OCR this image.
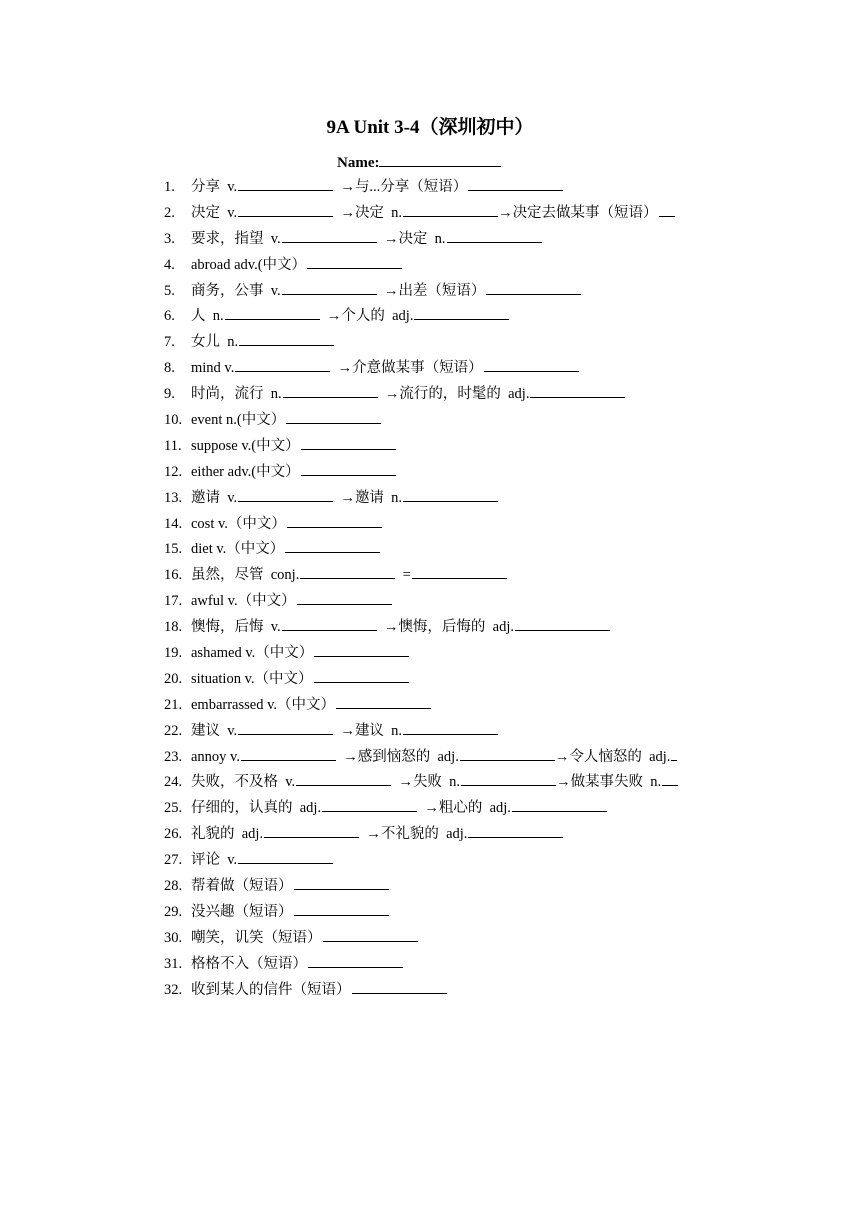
9A Unit 3-4（深圳初中）
Name:
1. 分享 v.	 →与...分享（短语）
2. 决定 v.	 →决定 n.	→决定去做某事（短语）
3. 要求，指望 v.	 →决定 n.
4. abroad adv.(中文）
5. 商务，公事 v.	 →出差（短语）
6. 人 n.	 →个人的 adj.
7. 女儿 n.
8. mind v.	 →介意做某事（短语）
9. 时尚，流行 n.	 →流行的，时髦的 adj.
10. event n.(中文）
11. suppose v.(中文）
12. either adv.(中文）
13. 邀请 v.	 →邀请 n.
14. cost v.（中文）
15. diet v.（中文）
16. 虽然，尽管 conj.	 =
17. awful v.（中文）
18. 懊悔，后悔 v.	 →懊悔，后悔的 adj.
19. ashamed v.（中文）
20. situation v.（中文）
21. embarrassed v.（中文）
22. 建议 v.	 →建议 n.
23. annoy v.	 →感到恼怒的 adj.	→令人恼怒的 adj.
24. 失败，不及格 v.	 →失败 n.	→做某事失败 n.
25. 仔细的，认真的 adj.	 →粗心的 adj.
26. 礼貌的 adj.	 →不礼貌的 adj.
27. 评论 v.
28. 帮着做（短语）
29. 没兴趣（短语）
30. 嘲笑，讥笑（短语）
31. 格格不入（短语）
32. 收到某人的信件（短语）
